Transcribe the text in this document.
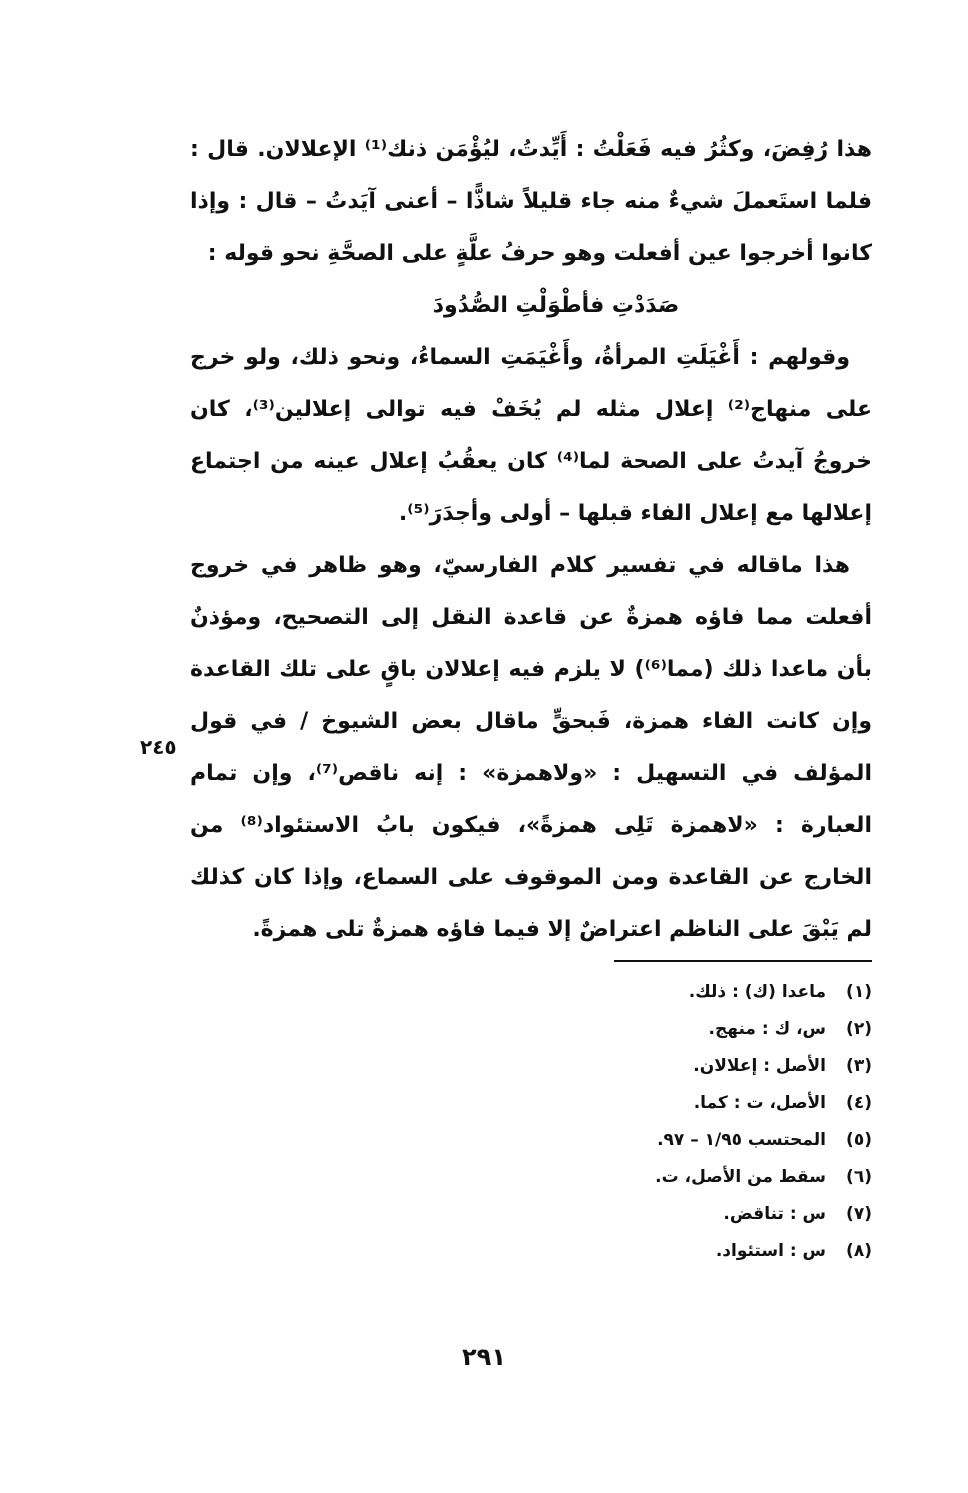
هذا رُفِضَ، وكثُرُ فيه فَعَلْتُ : أَيِّدتُ، ليُؤْمَن ذنك⁽¹⁾ الإعلالان. قال : فلما استَعملَ شيءٌ منه جاء قليلاً شاذًّا – أعنى آيَدتُ – قال : وإذا كانوا أخرجوا عين أفعلت وهو حرفُ علَّةٍ على الصحَّةِ نحو قوله :

صَدَدْتِ فأطْوَلْتِ الصُّدُودَ

وقولهم : أَغْيَلَتِ المرأةُ، وأَغْيَمَتِ السماءُ، ونحو ذلك، ولو خرج على منهاج⁽²⁾ إعلال مثله لم يُخَفْ فيه توالى إعلالين⁽³⁾، كان خروجُ آيدتُ على الصحة لما⁽⁴⁾ كان يعقُبُ إعلال عينه من اجتماع إعلالها مع إعلال الفاء قبلها – أولى وأجدَرَ⁽⁵⁾.

هذا ماقاله في تفسير كلام الفارسيّ، وهو ظاهر في خروج أفعلت مما فاؤه همزةٌ عن قاعدة النقل إلى التصحيح، ومؤذنٌ بأن ماعدا ذلك (مما⁽⁶⁾) لا يلزم فيه إعلالان باقٍ على تلك القاعدة وإن كانت الفاء همزة، فَبحقٍّ ماقال بعض الشيوخ / في قول المؤلف في التسهيل : «ولاهمزة» : إنه ناقص⁽⁷⁾، وإن تمام العبارة : «لاهمزة تَلِى همزةً»، فيكون بابُ الاستئواد⁽⁸⁾ من الخارج عن القاعدة ومن الموقوف على السماع، وإذا كان كذلك لم يَبْقَ على الناظم اعتراضٌ إلا فيما فاؤه همزةٌ تلى همزةً.

٢٤٥
(١)
ماعدا (ك) : ذلك.
(٢)
س، ك : منهج.
(٣)
الأصل : إعلالان.
(٤)
الأصل، ت : كما.
(٥)
المحتسب ١/٩٥ – ٩٧.
(٦)
سقط من الأصل، ت.
(٧)
س : تناقض.
(٨)
س : استئواد.
٢٩١
